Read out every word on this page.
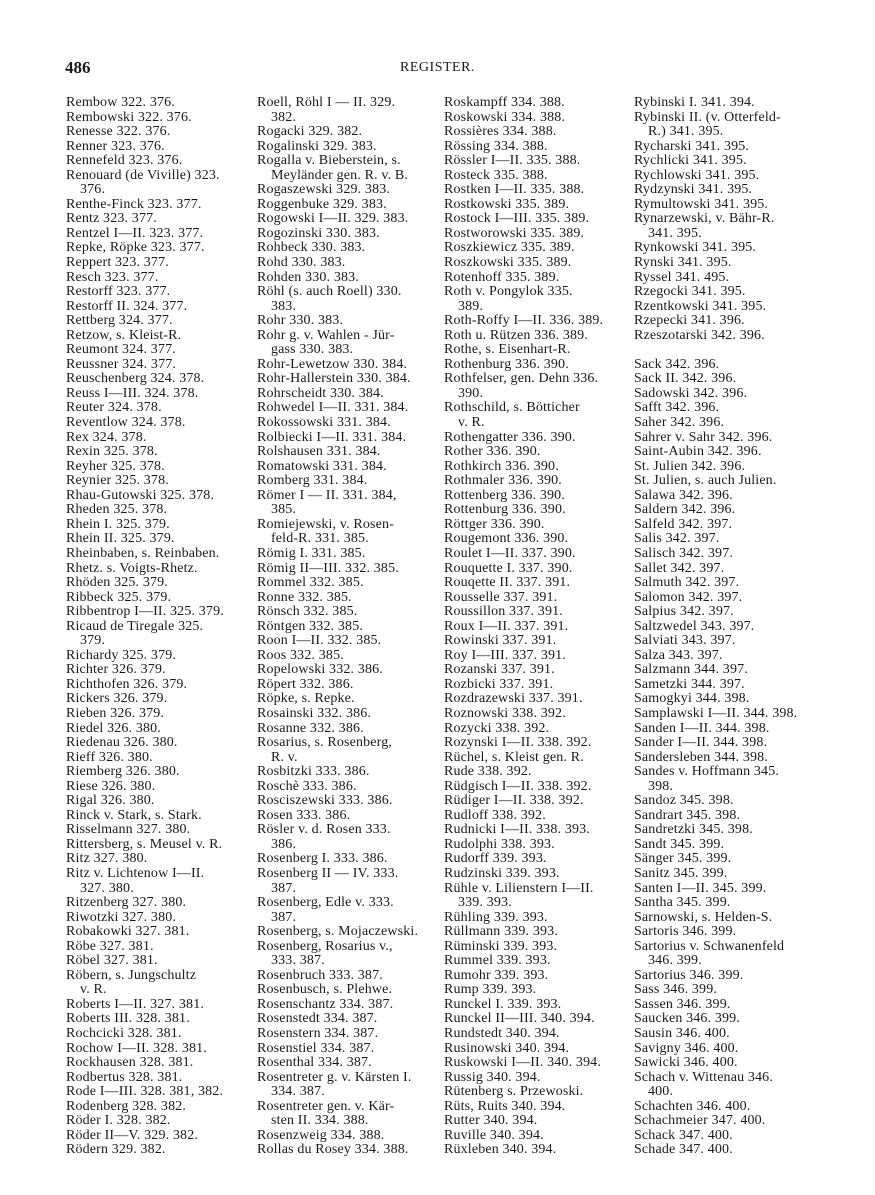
486	REGISTER.
Rembow 322. 376.
Rembowski 322. 376.
Renesse 322. 376.
Renner 323. 376.
Rennefeld 323. 376.
Renouard (de Viville) 323.
376.
Renthe-Finck 323. 377.
Rentz 323. 377.
Rentzel I—II. 323. 377.
Repke, Röpke 323. 377.
Reppert 323. 377.
Resch 323. 377.
Restorff 323. 377.
Restorff II. 324. 377.
Rettberg 324. 377.
Retzow, s. Kleist-R.
Reumont 324. 377.
Reussner 324. 377.
Reuschenberg 324. 378.
Reuss I—III. 324. 378.
Reuter 324. 378.
Reventlow 324. 378.
Rex 324. 378.
Rexin 325. 378.
Reyher 325. 378.
Reynier 325. 378.
Rhau-Gutowski 325. 378.
Rheden 325. 378.
Rhein I. 325. 379.
Rhein II. 325. 379.
Rheinbaben, s. Reinbaben.
Rhetz. s. Voigts-Rhetz.
Rhöden 325. 379.
Ribbeck 325. 379.
Ribbentrop I—II. 325. 379.
Ricaud de Tiregale 325.
379.
Richardy 325. 379.
Richter 326. 379.
Richthofen 326. 379.
Rickers 326. 379.
Rieben 326. 379.
Riedel 326. 380.
Riedenau 326. 380.
Rieff 326. 380.
Riemberg 326. 380.
Riese 326. 380.
Rigal 326. 380.
Rinck v. Stark, s. Stark.
Risselmann 327. 380.
Rittersberg, s. Meusel v. R.
Ritz 327. 380.
Ritz v. Lichtenow I—II.
327. 380.
Ritzenberg 327. 380.
Riwotzki 327. 380.
Robakowki 327. 381.
Röbe 327. 381.
Röbel 327. 381.
Röbern, s. Jungschultz
v. R.
Roberts I—II. 327. 381.
Roberts III. 328. 381.
Rochcicki 328. 381.
Rochow I—II. 328. 381.
Rockhausen 328. 381.
Rodbertus 328. 381.
Rode I—III. 328. 381, 382.
Rodenberg 328. 382.
Röder I. 328. 382.
Röder II—V. 329. 382.
Rödern 329. 382.
Roell, Röhl I — II. 329.
382.
Rogacki 329. 382.
Rogalinski 329. 383.
Rogalla v. Bieberstein, s.
Meyländer gen. R. v. B.
Rogaszewski 329. 383.
Roggenbuke 329. 383.
Rogowski I—II. 329. 383.
Rogozinski 330. 383.
Rohbeck 330. 383.
Rohd 330. 383.
Rohden 330. 383.
Röhl (s. auch Roell) 330.
383.
Rohr 330. 383.
Rohr g. v. Wahlen - Jür-
gass 330. 383.
Rohr-Lewetzow 330. 384.
Rohr-Hallerstein 330. 384.
Rohrscheidt 330. 384.
Rohwedel I—II. 331. 384.
Rokossowski 331. 384.
Rolbiecki I—II. 331. 384.
Rolshausen 331. 384.
Romatowski 331. 384.
Romberg 331. 384.
Römer I — II. 331. 384,
385.
Romiejewski, v. Rosen-
feld-R. 331. 385.
Römig I. 331. 385.
Römig II—III. 332. 385.
Rommel 332. 385.
Ronne 332. 385.
Rönsch 332. 385.
Röntgen 332. 385.
Roon I—II. 332. 385.
Roos 332. 385.
Ropelowski 332. 386.
Röpert 332. 386.
Röpke, s. Repke.
Rosainski 332. 386.
Rosanne 332. 386.
Rosarius, s. Rosenberg,
R. v.
Rosbitzki 333. 386.
Roschè 333. 386.
Rosciszewski 333. 386.
Rosen 333. 386.
Rösler v. d. Rosen 333.
386.
Rosenberg I. 333. 386.
Rosenberg II — IV. 333.
387.
Rosenberg, Edle v. 333.
387.
Rosenberg, s. Mojaczewski.
Rosenberg, Rosarius v.,
333. 387.
Rosenbruch 333. 387.
Rosenbusch, s. Plehwe.
Rosenschantz 334. 387.
Rosenstedt 334. 387.
Rosenstern 334. 387.
Rosenstiel 334. 387.
Rosenthal 334. 387.
Rosentreter g. v. Kärsten I.
334. 387.
Rosentreter gen. v. Kär-
sten II. 334. 388.
Rosenzweig 334. 388.
Rollas du Rosey 334. 388.
Roskampff 334. 388.
Roskowski 334. 388.
Rossières 334. 388.
Rössing 334. 388.
Rössler I—II. 335. 388.
Rosteck 335. 388.
Rostken I—II. 335. 388.
Rostkowski 335. 389.
Rostock I—III. 335. 389.
Rostworowski 335. 389.
Roszkiewicz 335. 389.
Roszkowski 335. 389.
Rotenhoff 335. 389.
Roth v. Pongylok 335.
389.
Roth-Roffy I—II. 336. 389.
Roth u. Rützen 336. 389.
Rothe, s. Eisenhart-R.
Rothenburg 336. 390.
Rothfelser, gen. Dehn 336.
390.
Rothschild, s. Bötticher
v. R.
Rothengatter 336. 390.
Rother 336. 390.
Rothkirch 336. 390.
Rothmaler 336. 390.
Rottenberg 336. 390.
Rottenburg 336. 390.
Röttger 336. 390.
Rougemont 336. 390.
Roulet I—II. 337. 390.
Rouquette I. 337. 390.
Rouqette II. 337. 391.
Rousselle 337. 391.
Roussillon 337. 391.
Roux I—II. 337. 391.
Rowinski 337. 391.
Roy I—III. 337. 391.
Rozanski 337. 391.
Rozbicki 337. 391.
Rozdrazewski 337. 391.
Roznowski 338. 392.
Rozycki 338. 392.
Rozynski I—II. 338. 392.
Rüchel, s. Kleist gen. R.
Rude 338. 392.
Rüdgisch I—II. 338. 392.
Rüdiger I—II. 338. 392.
Rudloff 338. 392.
Rudnicki I—II. 338. 393.
Rudolphi 338. 393.
Rudorff 339. 393.
Rudzinski 339. 393.
Rühle v. Lilienstern I—II.
339. 393.
Rühling 339. 393.
Rüllmann 339. 393.
Rüminski 339. 393.
Rummel 339. 393.
Rumohr 339. 393.
Rump 339. 393.
Runckel I. 339. 393.
Runckel II—III. 340. 394.
Rundstedt 340. 394.
Rusinowski 340. 394.
Ruskowski I—II. 340. 394.
Russig 340. 394.
Rütenberg s. Przewoski.
Rüts, Ruits 340. 394.
Rutter 340. 394.
Ruville 340. 394.
Rüxleben 340. 394.
Rybinski I. 341. 394.
Rybinski II. (v. Otterfeld-
R.) 341. 395.
Rycharski 341. 395.
Rychlicki 341. 395.
Rychlowski 341. 395.
Rydzynski 341. 395.
Rymultowski 341. 395.
Rynarzewski, v. Bähr-R.
341. 395.
Rynkowski 341. 395.
Rynski 341. 395.
Ryssel 341. 495.
Rzegocki 341. 395.
Rzentkowski 341. 395.
Rzepecki 341. 396.
Rzeszotarski 342. 396.
Sack 342. 396.
Sack II. 342. 396.
Sadowski 342. 396.
Safft 342. 396.
Saher 342. 396.
Sahrer v. Sahr 342. 396.
Saint-Aubin 342. 396.
St. Julien 342. 396.
St. Julien, s. auch Julien.
Salawa 342. 396.
Saldern 342. 396.
Salfeld 342. 397.
Salis 342. 397.
Salisch 342. 397.
Sallet 342. 397.
Salmuth 342. 397.
Salomon 342. 397.
Salpius 342. 397.
Saltzwedel 343. 397.
Salviati 343. 397.
Salza 343. 397.
Salzmann 344. 397.
Sametzki 344. 397.
Samogkyi 344. 398.
Samplawski I—II. 344. 398.
Sanden I—II. 344. 398.
Sander I—II. 344. 398.
Sandersleben 344. 398.
Sandes v. Hoffmann 345.
398.
Sandoz 345. 398.
Sandrart 345. 398.
Sandretzki 345. 398.
Sandt 345. 399.
Sänger 345. 399.
Sanitz 345. 399.
Santen I—II. 345. 399.
Santha 345. 399.
Sarnowski, s. Helden-S.
Sartoris 346. 399.
Sartorius v. Schwanenfeld
346. 399.
Sartorius 346. 399.
Sass 346. 399.
Sassen 346. 399.
Saucken 346. 399.
Sausin 346. 400.
Savigny 346. 400.
Sawicki 346. 400.
Schach v. Wittenau 346.
400.
Schachten 346. 400.
Schachmeier 347. 400.
Schack 347. 400.
Schade 347. 400.
